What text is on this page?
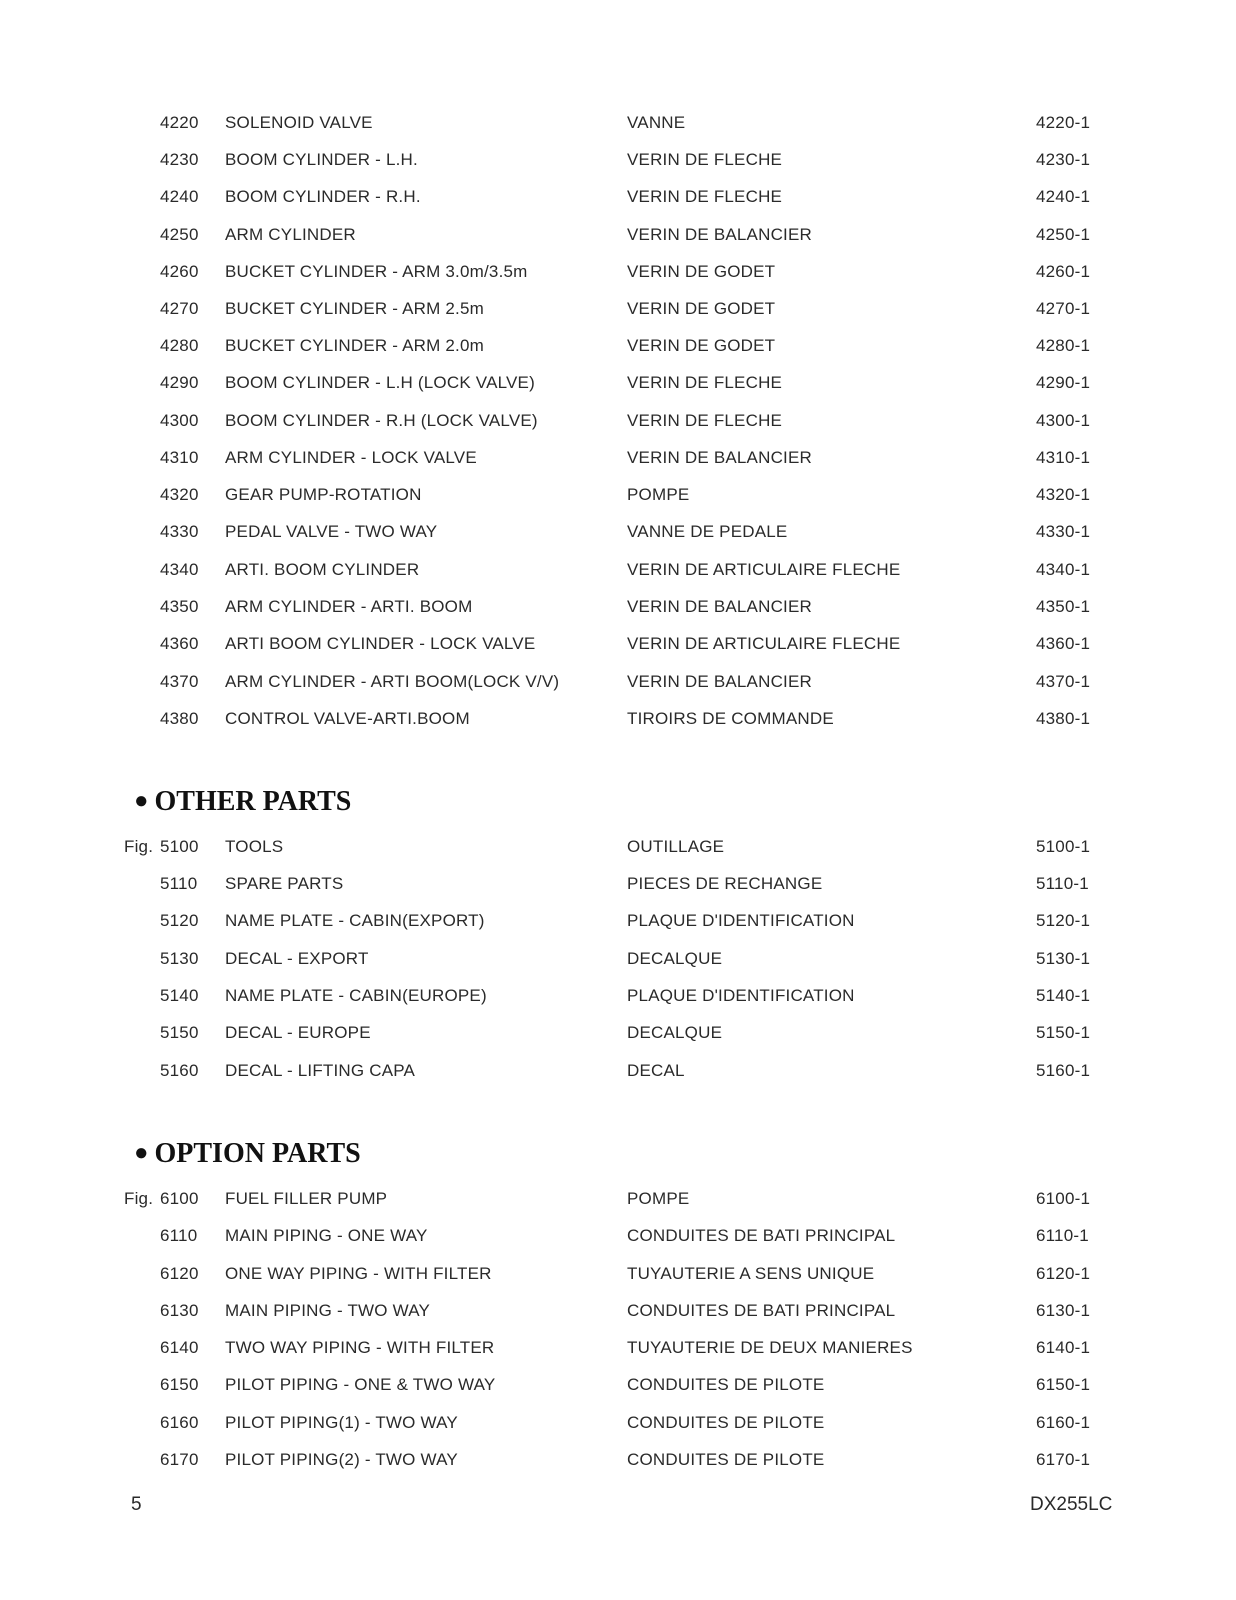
4220	SOLENOID VALVE	VANNE	4220-1
4230	BOOM CYLINDER - L.H.	VERIN DE FLECHE	4230-1
4240	BOOM CYLINDER - R.H.	VERIN DE FLECHE	4240-1
4250	ARM CYLINDER	VERIN DE BALANCIER	4250-1
4260	BUCKET CYLINDER - ARM 3.0m/3.5m	VERIN DE GODET	4260-1
4270	BUCKET CYLINDER - ARM 2.5m	VERIN DE GODET	4270-1
4280	BUCKET CYLINDER - ARM 2.0m	VERIN DE GODET	4280-1
4290	BOOM CYLINDER - L.H (LOCK VALVE)	VERIN DE FLECHE	4290-1
4300	BOOM CYLINDER - R.H (LOCK VALVE)	VERIN DE FLECHE	4300-1
4310	ARM CYLINDER - LOCK VALVE	VERIN DE BALANCIER	4310-1
4320	GEAR PUMP-ROTATION	POMPE	4320-1
4330	PEDAL VALVE - TWO WAY	VANNE DE PEDALE	4330-1
4340	ARTI. BOOM CYLINDER	VERIN DE ARTICULAIRE FLECHE	4340-1
4350	ARM CYLINDER - ARTI. BOOM	VERIN DE BALANCIER	4350-1
4360	ARTI BOOM CYLINDER - LOCK VALVE	VERIN DE ARTICULAIRE FLECHE	4360-1
4370	ARM CYLINDER - ARTI BOOM(LOCK V/V)	VERIN DE BALANCIER	4370-1
4380	CONTROL VALVE-ARTI.BOOM	TIROIRS DE COMMANDE	4380-1
● OTHER PARTS
Fig. 5100	TOOLS	OUTILLAGE	5100-1
5110	SPARE PARTS	PIECES DE RECHANGE	5110-1
5120	NAME PLATE - CABIN(EXPORT)	PLAQUE D'IDENTIFICATION	5120-1
5130	DECAL - EXPORT	DECALQUE	5130-1
5140	NAME PLATE - CABIN(EUROPE)	PLAQUE D'IDENTIFICATION	5140-1
5150	DECAL - EUROPE	DECALQUE	5150-1
5160	DECAL - LIFTING CAPA	DECAL	5160-1
● OPTION PARTS
Fig. 6100	FUEL FILLER PUMP	POMPE	6100-1
6110	MAIN PIPING - ONE WAY	CONDUITES DE BATI PRINCIPAL	6110-1
6120	ONE WAY PIPING - WITH FILTER	TUYAUTERIE A SENS UNIQUE	6120-1
6130	MAIN PIPING - TWO WAY	CONDUITES DE BATI PRINCIPAL	6130-1
6140	TWO WAY PIPING - WITH FILTER	TUYAUTERIE DE DEUX MANIERES	6140-1
6150	PILOT PIPING - ONE & TWO WAY	CONDUITES DE PILOTE	6150-1
6160	PILOT PIPING(1) - TWO WAY	CONDUITES DE PILOTE	6160-1
6170	PILOT PIPING(2) - TWO WAY	CONDUITES DE PILOTE	6170-1
5	DX255LC
